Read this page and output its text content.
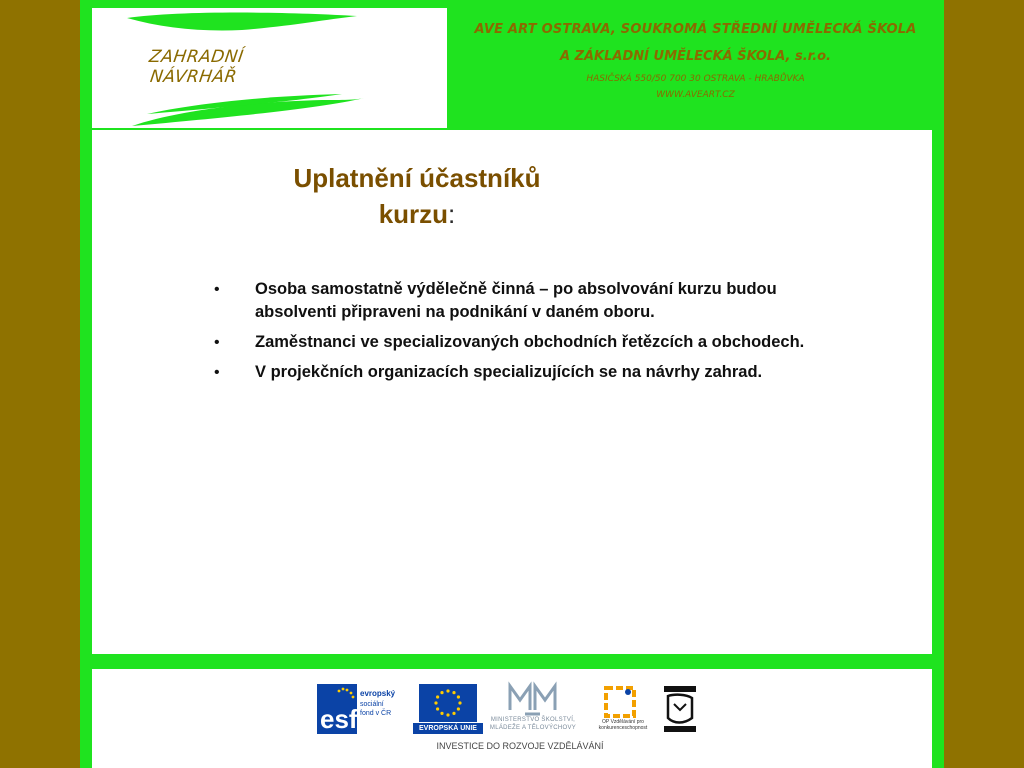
ZAHRADNÍ NÁVRHÁŘ
AVE ART OSTRAVA, SOUKROMÁ STŘEDNÍ UMĚLECKÁ ŠKOLA
A ZÁKLADNÍ UMĚLECKÁ ŠKOLA, s.r.o.
HASIČSKÁ 550/50 700 30 OSTRAVA - HRABŮVKA
WWW.AVEART.CZ
Uplatnění účastníků
kurzu:
•	Osoba samostatně výdělečně činná – po absolvování kurzu budou absolventi připraveni na podnikání v daném oboru.
•	Zaměstnanci ve specializovaných obchodních řetězcích a obchodech.
•	V projekčních organizacích specializujících se na návrhy zahrad.
esf
evropský
sociální
fond v ČR
EVROPSKÁ UNIE
MINISTERSTVO ŠKOLSTVÍ, MLÁDEŽE A TĚLOVÝCHOVY
OP Vzdělávání pro konkurenceschopnost
INVESTICE DO ROZVOJE VZDĚLÁVÁNÍ
